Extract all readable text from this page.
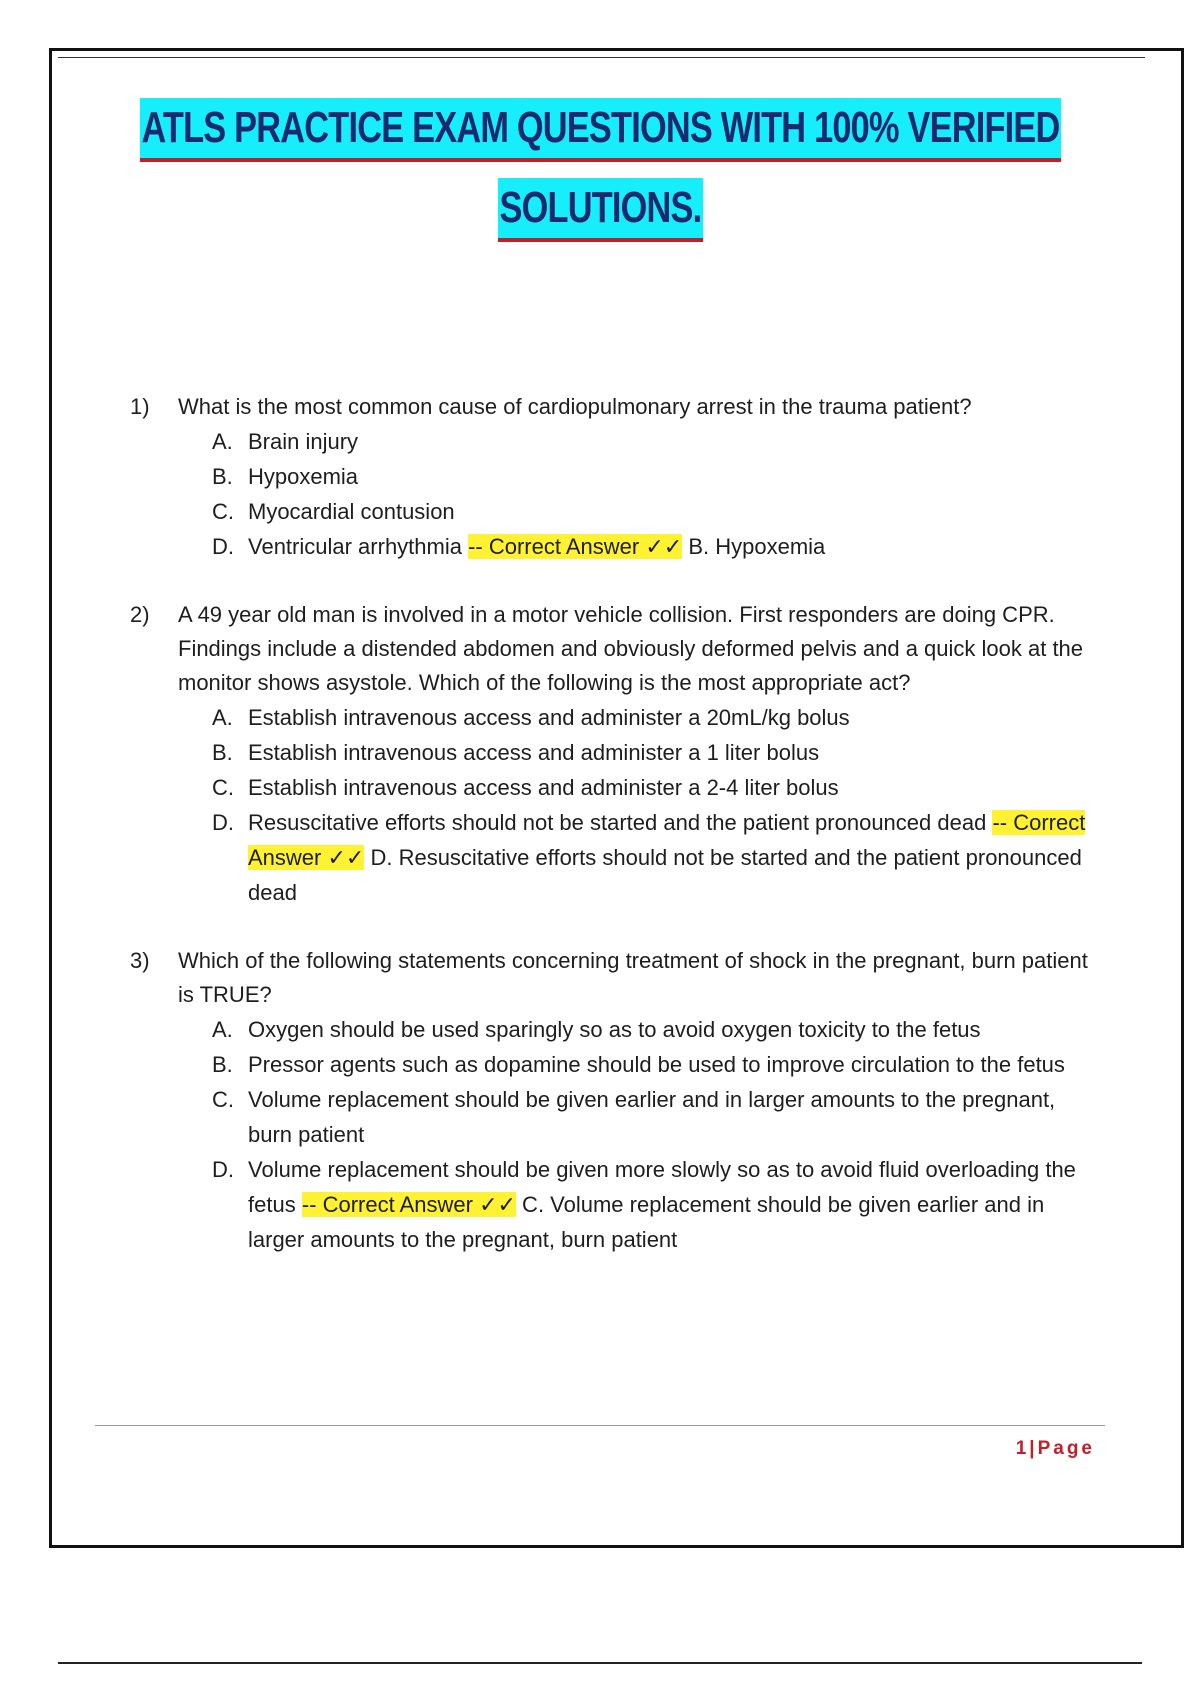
ATLS PRACTICE EXAM QUESTIONS WITH 100% VERIFIED
SOLUTIONS.
1)	What is the most common cause of cardiopulmonary arrest in the trauma patient?
A. Brain injury
B. Hypoxemia
C. Myocardial contusion
D. Ventricular arrhythmia -- Correct Answer ✓✓ B. Hypoxemia
2)	A 49 year old man is involved in a motor vehicle collision. First responders are doing CPR. Findings include a distended abdomen and obviously deformed pelvis and a quick look at the monitor shows asystole. Which of the following is the most appropriate act?
A. Establish intravenous access and administer a 20mL/kg bolus
B. Establish intravenous access and administer a 1 liter bolus
C. Establish intravenous access and administer a 2-4 liter bolus
D. Resuscitative efforts should not be started and the patient pronounced dead -- Correct Answer ✓✓ D. Resuscitative efforts should not be started and the patient pronounced dead
3)	Which of the following statements concerning treatment of shock in the pregnant, burn patient is TRUE?
A. Oxygen should be used sparingly so as to avoid oxygen toxicity to the fetus
B. Pressor agents such as dopamine should be used to improve circulation to the fetus
C. Volume replacement should be given earlier and in larger amounts to the pregnant, burn patient
D. Volume replacement should be given more slowly so as to avoid fluid overloading the fetus -- Correct Answer ✓✓ C. Volume replacement should be given earlier and in larger amounts to the pregnant, burn patient
1|Page
